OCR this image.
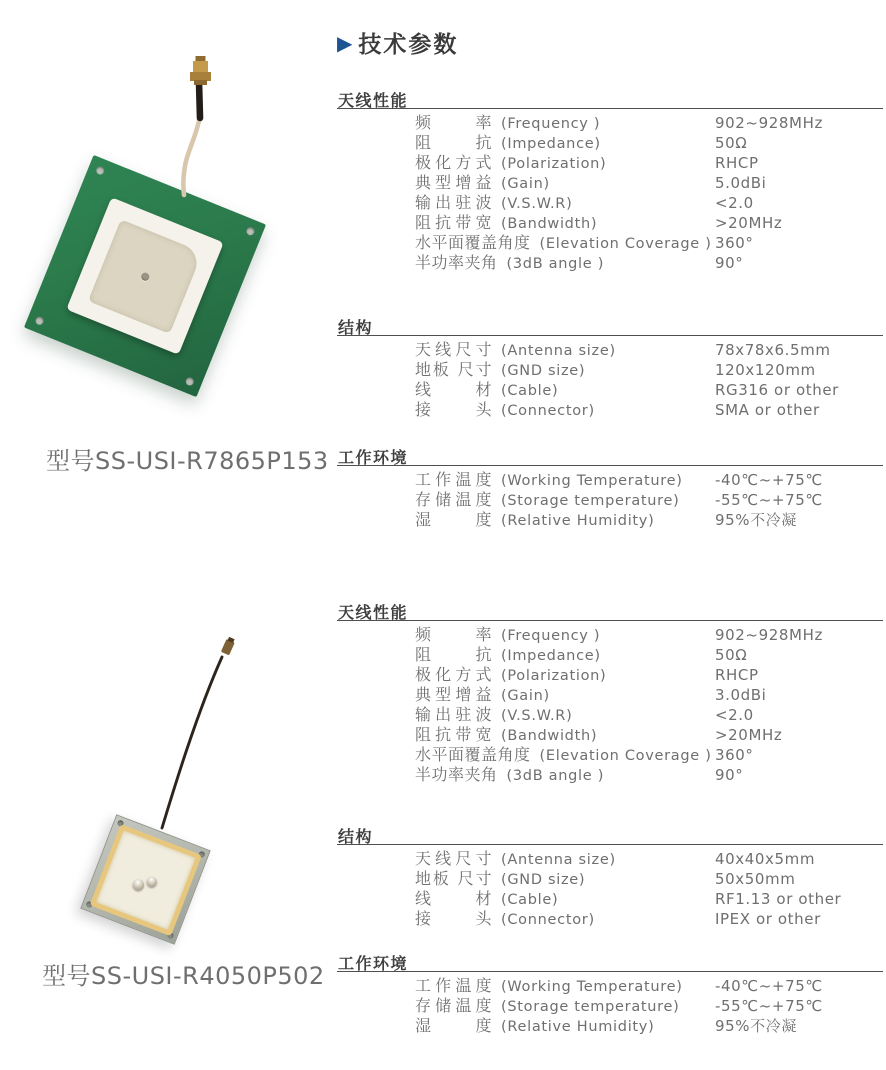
型号SS-USI-R7865P153
型号SS-USI-R4050P502
▶ 技术参数
天线性能
频 率 (Frequency )	902~928MHz
阻 抗 (Impedance)	50Ω
极化方式 (Polarization)	RHCP
典型增益 (Gain)	5.0dBi
输出驻波 (V.S.W.R)	<2.0
阻抗带宽 (Bandwidth)	>20MHz
水平面覆盖角度 (Elevation Coverage ) 360°
半功率夹角 (3dB angle )	90°
结构
天线尺寸 (Antenna size)	78x78x6.5mm
地板 尺寸 (GND size)	120x120mm
线 材 (Cable)	RG316 or other
接 头 (Connector)	SMA or other
工作环境
工作温度 (Working Temperature) -40℃~+75℃
存储温度 (Storage temperature) -55℃~+75℃
湿 度 (Relative Humidity)	95%不冷凝
天线性能
频 率 (Frequency )	902~928MHz
阻 抗 (Impedance)	50Ω
极化方式 (Polarization)	RHCP
典型增益 (Gain)	3.0dBi
输出驻波 (V.S.W.R)	<2.0
阻抗带宽 (Bandwidth)	>20MHz
水平面覆盖角度 (Elevation Coverage ) 360°
半功率夹角 (3dB angle )	90°
结构
天线尺寸 (Antenna size)	40x40x5mm
地板 尺寸 (GND size)	50x50mm
线 材 (Cable)	RF1.13 or other
接 头 (Connector)	IPEX or other
工作环境
工作温度 (Working Temperature) -40℃~+75℃
存储温度 (Storage temperature) -55℃~+75℃
湿 度 (Relative Humidity)	95%不冷凝
